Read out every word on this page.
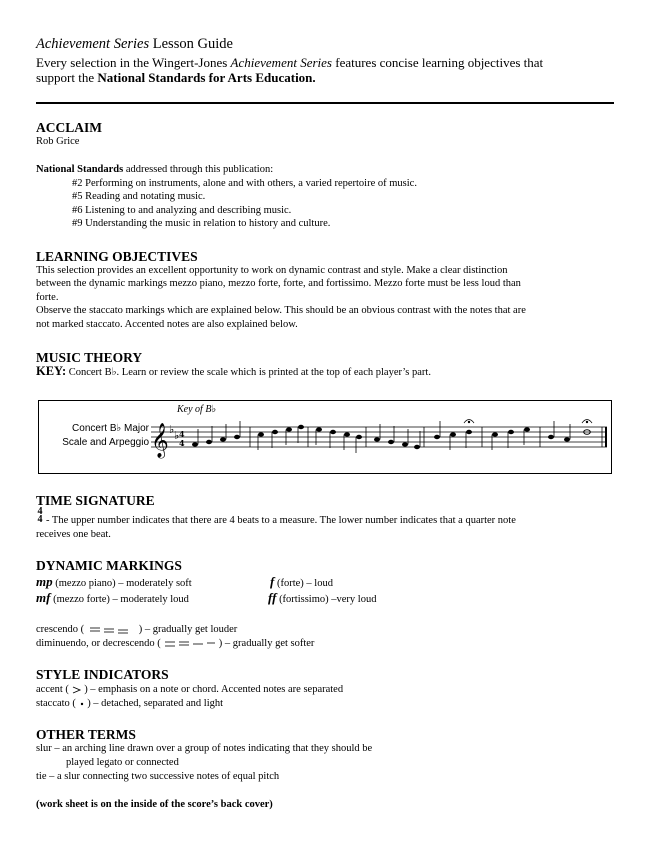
Achievement Series Lesson Guide
Every selection in the Wingert-Jones Achievement Series features concise learning objectives that
support the National Standards for Arts Education.
ACCLAIM
Rob Grice
National Standards addressed through this publication:
#2 Performing on instruments, alone and with others, a varied repertoire of music.
#5 Reading and notating music.
#6 Listening to and analyzing and describing music.
#9 Understanding the music in relation to history and culture.
LEARNING OBJECTIVES
This selection provides an excellent opportunity to work on dynamic contrast and style. Make a clear distinction
between the dynamic markings mezzo piano, mezzo forte, forte, and fortissimo. Mezzo forte must be less loud than
forte.
Observe the staccato markings which are explained below. This should be an obvious contrast with the notes that are
not marked staccato. Accented notes are also explained below.
MUSIC THEORY
KEY: Concert B♭. Learn or review the scale which is printed at the top of each player’s part.
Concert B♭ Major
Scale and Arpeggio
Key of B♭
𝄞 ♭ ♭ 4
4
TIME SIGNATURE
4
4 - The upper number indicates that there are 4 beats to a measure. The lower number indicates that a quarter note
receives one beat.
DYNAMIC MARKINGS
mp (mezzo piano) – moderately soft
mf (mezzo forte) – moderately loud
f (forte) – loud
ff (fortissimo) –very loud
crescendo (	) – gradually get louder
diminuendo, or decrescendo (	) – gradually get softer
STYLE INDICATORS
accent (  ) – emphasis on a note or chord. Accented notes are separated
staccato (  ) – detached, separated and light
OTHER TERMS
slur – an arching line drawn over a group of notes indicating that they should be
played legato or connected
tie – a slur connecting two successive notes of equal pitch
(work sheet is on the inside of the score’s back cover)
